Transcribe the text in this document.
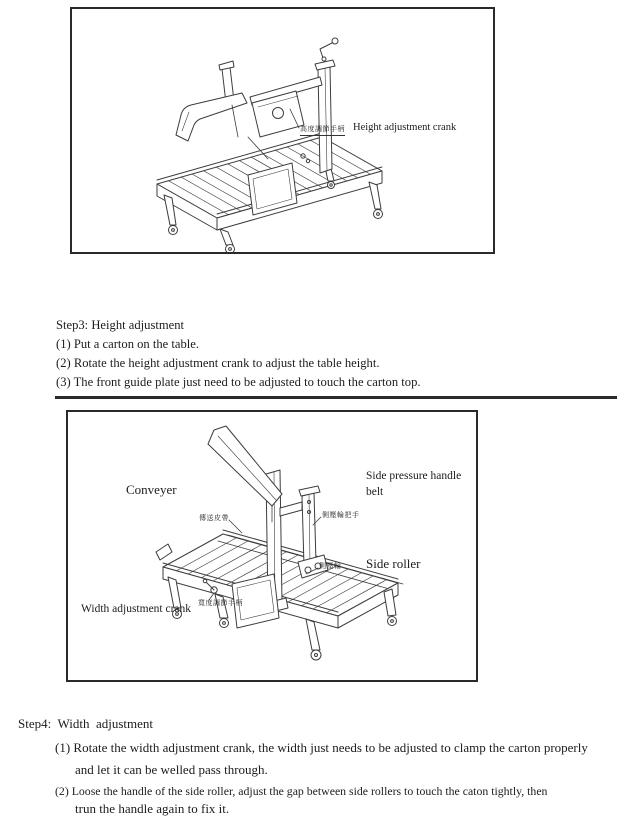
高度調節手柄 Height adjustment crank
Step3: Height adjustment
(1) Put a carton on the table.
(2) Rotate the height adjustment crank to adjust the table height.
(3) The front guide plate just need to be adjusted to touch the carton top.
Conveyer
Side pressure handle belt
傳送皮帶	側壓輪把手
側壓輪 Side roller
寬度調節手柄
Width adjustment crank
Step4:  Width  adjustment
(1) Rotate the width adjustment crank, the width just needs to be adjusted to clamp the carton properly
and let it can be welled pass through.
(2) Loose the handle of the side roller, adjust the gap between side rollers to touch the caton tightly, then
trun the handle again to fix it.
